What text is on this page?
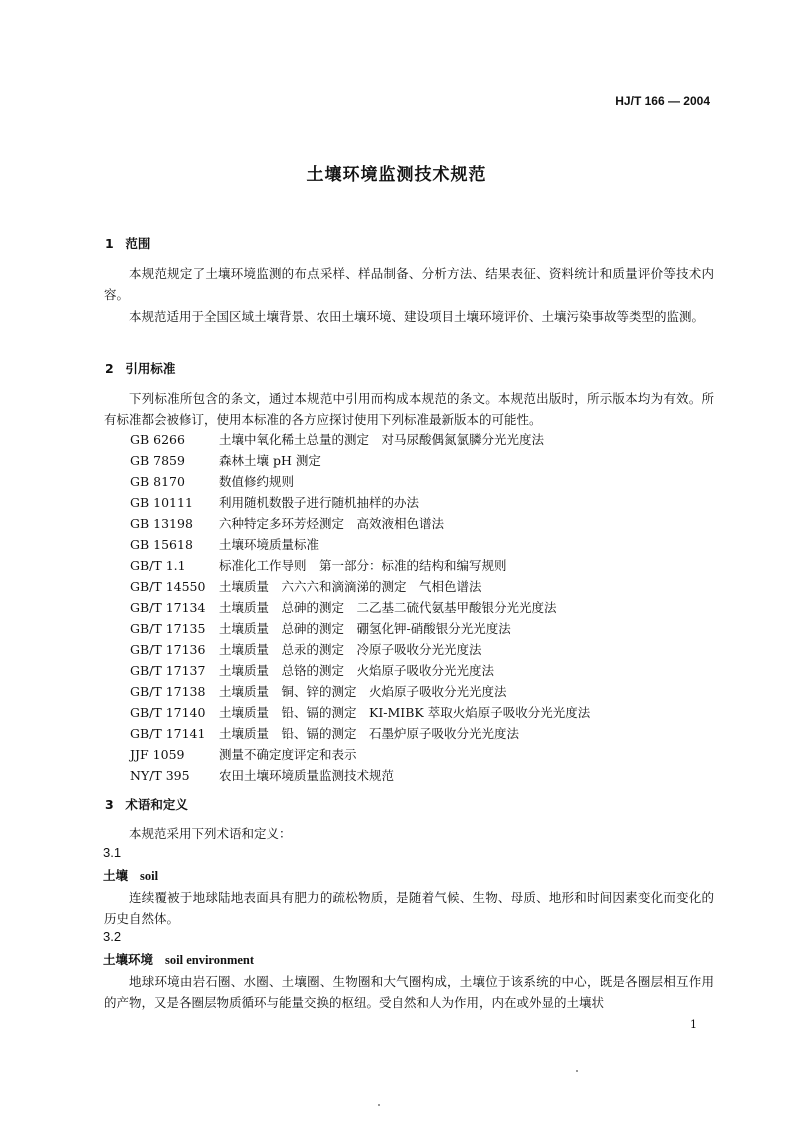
HJ/T 166 — 2004
土壤环境监测技术规范
1 范围
本规范规定了土壤环境监测的布点采样、样品制备、分析方法、结果表征、资料统计和质量评价等技术内容。
本规范适用于全国区域土壤背景、农田土壤环境、建设项目土壤环境评价、土壤污染事故等类型的监测。
2 引用标准
下列标准所包含的条文，通过本规范中引用而构成本规范的条文。本规范出版时，所示版本均为有效。所有标准都会被修订，使用本标准的各方应探讨使用下列标准最新版本的可能性。
GB 6266	土壤中氧化稀土总量的测定　对马尿酸偶氮氯膦分光光度法
GB 7859	森林土壤 pH 测定
GB 8170	数值修约规则
GB 10111 利用随机数骰子进行随机抽样的办法
GB 13198 六种特定多环芳烃测定　高效液相色谱法
GB 15618 土壤环境质量标准
GB/T 1.1	标准化工作导则　第一部分：标准的结构和编写规则
GB/T 14550 土壤质量　六六六和滴滴涕的测定　气相色谱法
GB/T 17134 土壤质量　总砷的测定　二乙基二硫代氨基甲酸银分光光度法
GB/T 17135 土壤质量　总砷的测定　硼氢化钾-硝酸银分光光度法
GB/T 17136 土壤质量　总汞的测定　冷原子吸收分光光度法
GB/T 17137 土壤质量　总铬的测定　火焰原子吸收分光光度法
GB/T 17138 土壤质量　铜、锌的测定　火焰原子吸收分光光度法
GB/T 17140 土壤质量　铅、镉的测定　KI-MIBK 萃取火焰原子吸收分光光度法
GB/T 17141 土壤质量　铅、镉的测定　石墨炉原子吸收分光光度法
JJF 1059	测量不确定度评定和表示
NY/T 395 农田土壤环境质量监测技术规范
3 术语和定义
本规范采用下列术语和定义：
3.1
土壤 soil
连续覆被于地球陆地表面具有肥力的疏松物质，是随着气候、生物、母质、地形和时间因素变化而变化的历史自然体。
3.2
土壤环境 soil environment
地球环境由岩石圈、水圈、土壤圈、生物圈和大气圈构成，土壤位于该系统的中心，既是各圈层相互作用的产物，又是各圈层物质循环与能量交换的枢纽。受自然和人为作用，内在或外显的土壤状
1
